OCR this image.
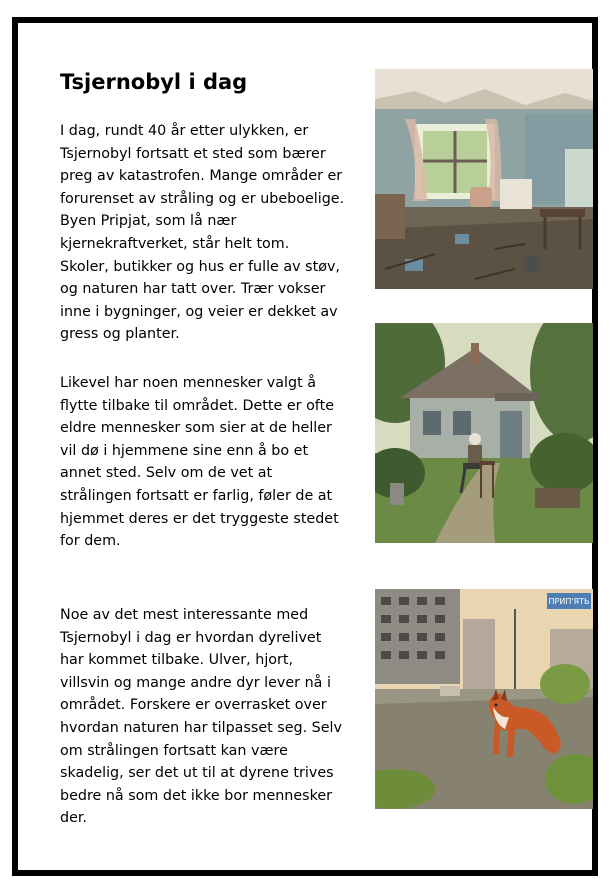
Tsjernobyl i dag

I dag, rundt 40 år etter ulykken, er
Tsjernobyl fortsatt et sted som bærer
preg av katastrofen. Mange områder er
forurenset av stråling og er ubeboelige.
Byen Pripjat, som lå nær
kjernekraftverket, står helt tom.
Skoler, butikker og hus er fulle av støv,
og naturen har tatt over. Trær vokser
inne i bygninger, og veier er dekket av
gress og planter.

Likevel har noen mennesker valgt å
flytte tilbake til området. Dette er ofte
eldre mennesker som sier at de heller
vil dø i hjemmene sine enn å bo et
annet sted. Selv om de vet at
strålingen fortsatt er farlig, føler de at
hjemmet deres er det tryggeste stedet
for dem.

Noe av det mest interessante med
Tsjernobyl i dag er hvordan dyrelivet
har kommet tilbake. Ulver, hjort,
villsvin og mange andre dyr lever nå i
området. Forskere er overrasket over
hvordan naturen har tilpasset seg. Selv
om strålingen fortsatt kan være
skadelig, ser det ut til at dyrene trives
bedre nå som det ikke bor mennesker
der.

ПРИП'ЯТЬ
